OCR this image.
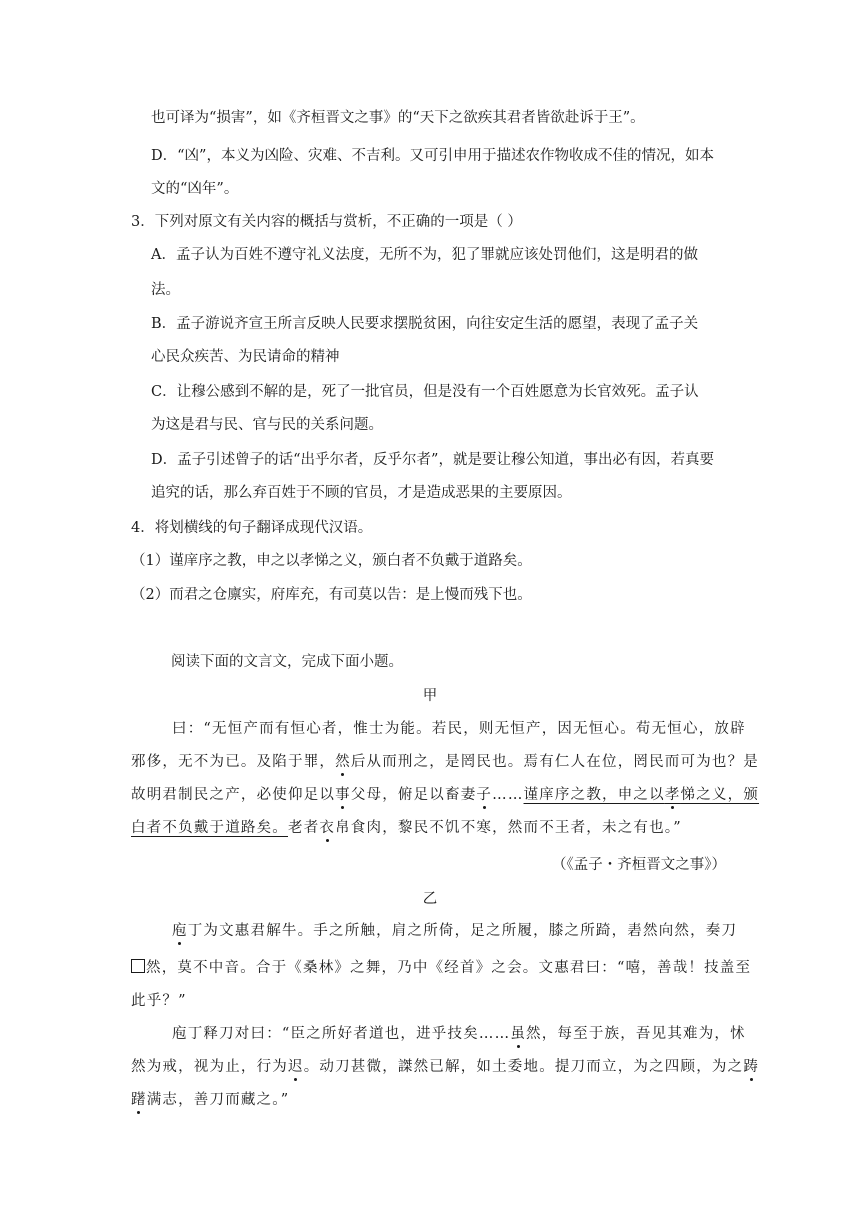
也可译为“损害”，如《齐桓晋文之事》的“天下之欲疾其君者皆欲赴诉于王”。
D．“凶”，本义为凶险、灾难、不吉利。又可引申用于描述农作物收成不佳的情况，如本
文的“凶年”。
3．下列对原文有关内容的概括与赏析，不正确的一项是（ ）
A．孟子认为百姓不遵守礼义法度，无所不为，犯了罪就应该处罚他们，这是明君的做
法。
B．孟子游说齐宣王所言反映人民要求摆脱贫困，向往安定生活的愿望，表现了孟子关
心民众疾苦、为民请命的精神
C．让穆公感到不解的是，死了一批官员，但是没有一个百姓愿意为长官效死。孟子认
为这是君与民、官与民的关系问题。
D．孟子引述曾子的话“出乎尔者，反乎尔者”，就是要让穆公知道，事出必有因，若真要
追究的话，那么弃百姓于不顾的官员，才是造成恶果的主要原因。
4．将划横线的句子翻译成现代汉语。
（1）谨庠序之教，申之以孝悌之义，颁白者不负戴于道路矣。
（2）而君之仓廪实，府库充，有司莫以告：是上慢而残下也。
阅读下面的文言文，完成下面小题。
甲
曰：“无恒产而有恒心者，惟士为能。若民，则无恒产，因无恒心。苟无恒心，放辟
邪侈，无不为已。及陷于罪，然后从而刑之，是罔民也。焉有仁人在位，罔民而可为也？是
故明君制民之产，必使仰足以事父母，俯足以畜妻子……谨庠序之教，申之以孝悌之义，颁
白者不负戴于道路矣。老者衣帛食肉，黎民不饥不寒，然而不王者，未之有也。”
（《孟子・齐桓晋文之事》）
乙
庖丁为文惠君解牛。手之所触，肩之所倚，足之所履，膝之所踦，砉然向然，奏刀
然，莫不中音。合于《桑林》之舞，乃中《经首》之会。文惠君曰：“嘻，善哉！技盖至
此乎？”
庖丁释刀对曰：“臣之所好者道也，进乎技矣……虽然，每至于族，吾见其难为，怵
然为戒，视为止，行为迟。动刀甚微，謋然已解，如土委地。提刀而立，为之四顾，为之踌
躇满志，善刀而藏之。”
